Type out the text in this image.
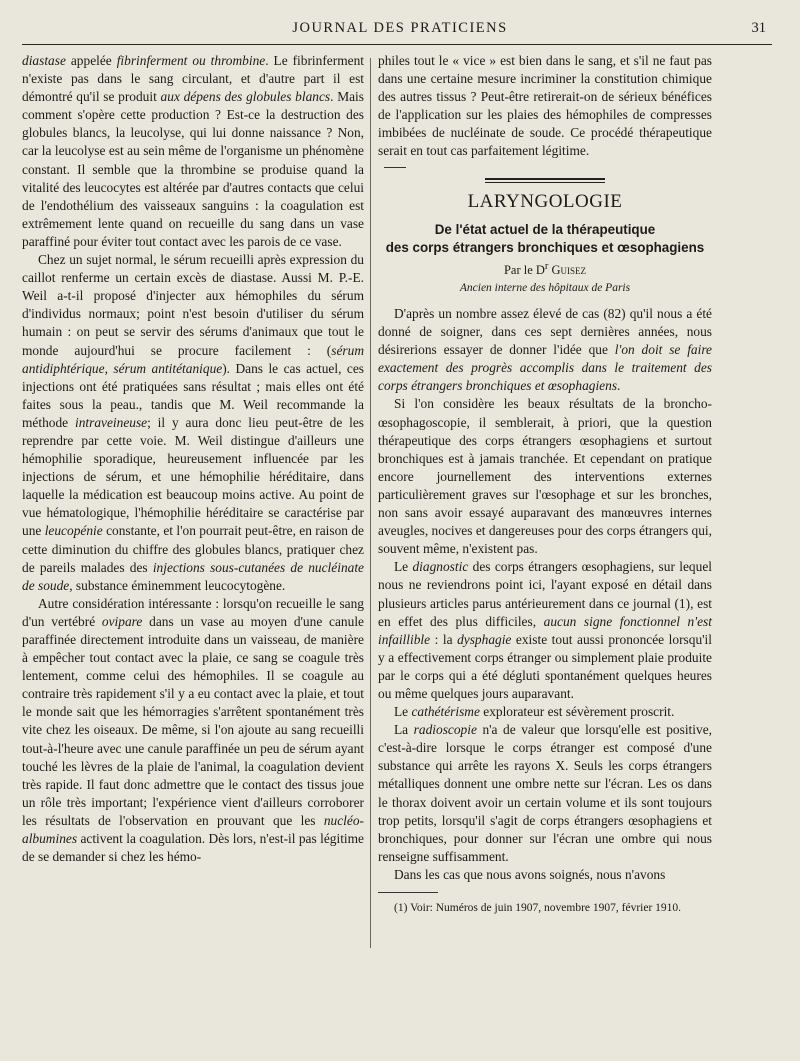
JOURNAL DES PRATICIENS	31

diastase appelée fibrinferment ou thrombine. Le fibrinferment n'existe pas dans le sang circulant, et d'autre part il est démontré qu'il se produit aux dépens des globules blancs. Mais comment s'opère cette production ? Est-ce la destruction des globules blancs, la leucolyse, qui lui donne naissance ? Non, car la leucolyse est au sein même de l'organisme un phénomène constant. Il semble que la thrombine se produise quand la vitalité des leucocytes est altérée par d'autres contacts que celui de l'endothélium des vaisseaux sanguins : la coagulation est extrêmement lente quand on recueille du sang dans un vase paraffiné pour éviter tout contact avec les parois de ce vase.

Chez un sujet normal, le sérum recueilli après expression du caillot renferme un certain excès de diastase. Aussi M. P.-E. Weil a-t-il proposé d'injecter aux hémophiles du sérum d'individus normaux; point n'est besoin d'utiliser du sérum humain : on peut se servir des sérums d'animaux que tout le monde aujourd'hui se procure facilement : (sérum antidiphtérique, sérum antitétanique). Dans le cas actuel, ces injections ont été pratiquées sans résultat ; mais elles ont été faites sous la peau., tandis que M. Weil recommande la méthode intraveineuse; il y aura donc lieu peut-être de les reprendre par cette voie. M. Weil distingue d'ailleurs une hémophilie sporadique, heureusement influencée par les injections de sérum, et une hémophilie héréditaire, dans laquelle la médication est beaucoup moins active. Au point de vue hématologique, l'hémophilie héréditaire se caractérise par une leucopénie constante, et l'on pourrait peut-être, en raison de cette diminution du chiffre des globules blancs, pratiquer chez de pareils malades des injections sous-cutanées de nucléinate de soude, substance éminemment leucocytogène.

Autre considération intéressante : lorsqu'on recueille le sang d'un vertébré ovipare dans un vase au moyen d'une canule paraffinée directement introduite dans un vaisseau, de manière à empêcher tout contact avec la plaie, ce sang se coagule très lentement, comme celui des hémophiles. Il se coagule au contraire très rapidement s'il y a eu contact avec la plaie, et tout le monde sait que les hémorragies s'arrêtent spontanément très vite chez les oiseaux. De même, si l'on ajoute au sang recueilli tout-à-l'heure avec une canule paraffinée un peu de sérum ayant touché les lèvres de la plaie de l'animal, la coagulation devient très rapide. Il faut donc admettre que le contact des tissus joue un rôle très important; l'expérience vient d'ailleurs corroborer les résultats de l'observation en prouvant que les nucléo-albumines activent la coagulation. Dès lors, n'est-il pas légitime de se demander si chez les hémo-

philes tout le « vice » est bien dans le sang, et s'il ne faut pas dans une certaine mesure incriminer la constitution chimique des autres tissus ? Peut-être retirerait-on de sérieux bénéfices de l'application sur les plaies des hémophiles de compresses imbibées de nucléinate de soude. Ce procédé thérapeutique serait en tout cas parfaitement légitime.

LARYNGOLOGIE
De l'état actuel de la thérapeutique
des corps étrangers bronchiques et œsophagiens
Par le $D^r$ Guisez
Ancien interne des hôpitaux de Paris

D'après un nombre assez élevé de cas (82) qu'il nous a été donné de soigner, dans ces sept dernières années, nous désirerions essayer de donner l'idée que l'on doit se faire exactement des progrès accomplis dans le traitement des corps étrangers bronchiques et œsophagiens.

Si l'on considère les beaux résultats de la broncho-œsophagoscopie, il semblerait, à priori, que la question thérapeutique des corps étrangers œsophagiens et surtout bronchiques est à jamais tranchée. Et cependant on pratique encore journellement des interventions externes particulièrement graves sur l'œsophage et sur les bronches, non sans avoir essayé auparavant des manœuvres internes aveugles, nocives et dangereuses pour des corps étrangers qui, souvent même, n'existent pas.

Le diagnostic des corps étrangers œsophagiens, sur lequel nous ne reviendrons point ici, l'ayant exposé en détail dans plusieurs articles parus antérieurement dans ce journal (1), est en effet des plus difficiles, aucun signe fonctionnel n'est infaillible : la dysphagie existe tout aussi prononcée lorsqu'il y a effectivement corps étranger ou simplement plaie produite par le corps qui a été dégluti spontanément quelques heures ou même quelques jours auparavant.

Le cathétérisme explorateur est sévèrement proscrit.

La radioscopie n'a de valeur que lorsqu'elle est positive, c'est-à-dire lorsque le corps étranger est composé d'une substance qui arrête les rayons X. Seuls les corps étrangers métalliques donnent une ombre nette sur l'écran. Les os dans le thorax doivent avoir un certain volume et ils sont toujours trop petits, lorsqu'il s'agit de corps étrangers œsophagiens et bronchiques, pour donner sur l'écran une ombre qui nous renseigne suffisamment.

Dans les cas que nous avons soignés, nous n'avons

(1) Voir: Numéros de juin 1907, novembre 1907, février 1910.
